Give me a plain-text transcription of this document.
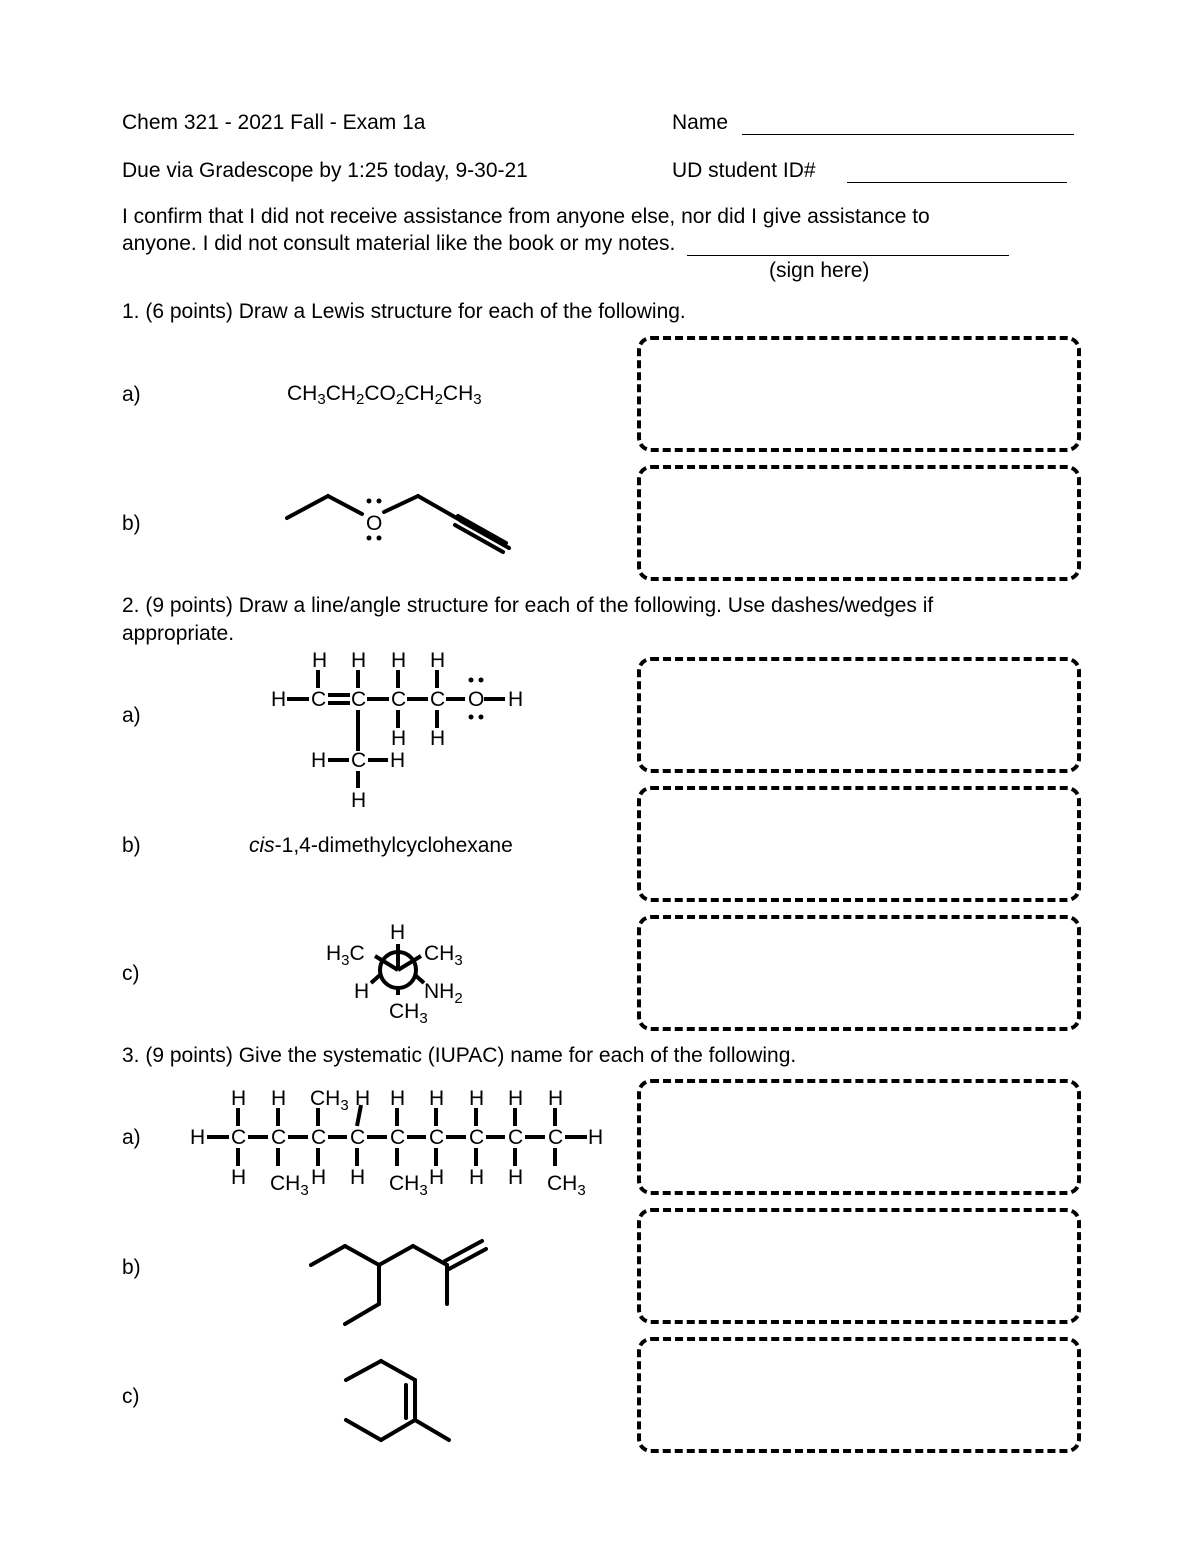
Chem 321 - 2021 Fall - Exam 1a	Name
Due via Gradescope by 1:25 today, 9-30-21	UD student ID#
I confirm that I did not receive assistance from anyone else, nor did I give assistance to
anyone. I did not consult material like the book or my notes.
(sign here)
1. (6 points) Draw a Lewis structure for each of the following.
a)	$CH_3CH_2CO_2CH_2CH_3$
b)	O
2. (9 points) Draw a line/angle structure for each of the following. Use dashes/wedges if
appropriate.
a)
H H H H
H C C C C O H
H H
H C H
H
b)	cis-1,4-dimethylcyclohexane
c)
H
$H_3C$	$CH_3$
H	$NH_2$
$CH_3$
3. (9 points) Give the systematic (IUPAC) name for each of the following.
a) H	H
C C C C C C C C C
H H $CH_3$ H H H H H H
H $CH_3$
H H $CH_3$
H H H $CH_3$
b)
c)
